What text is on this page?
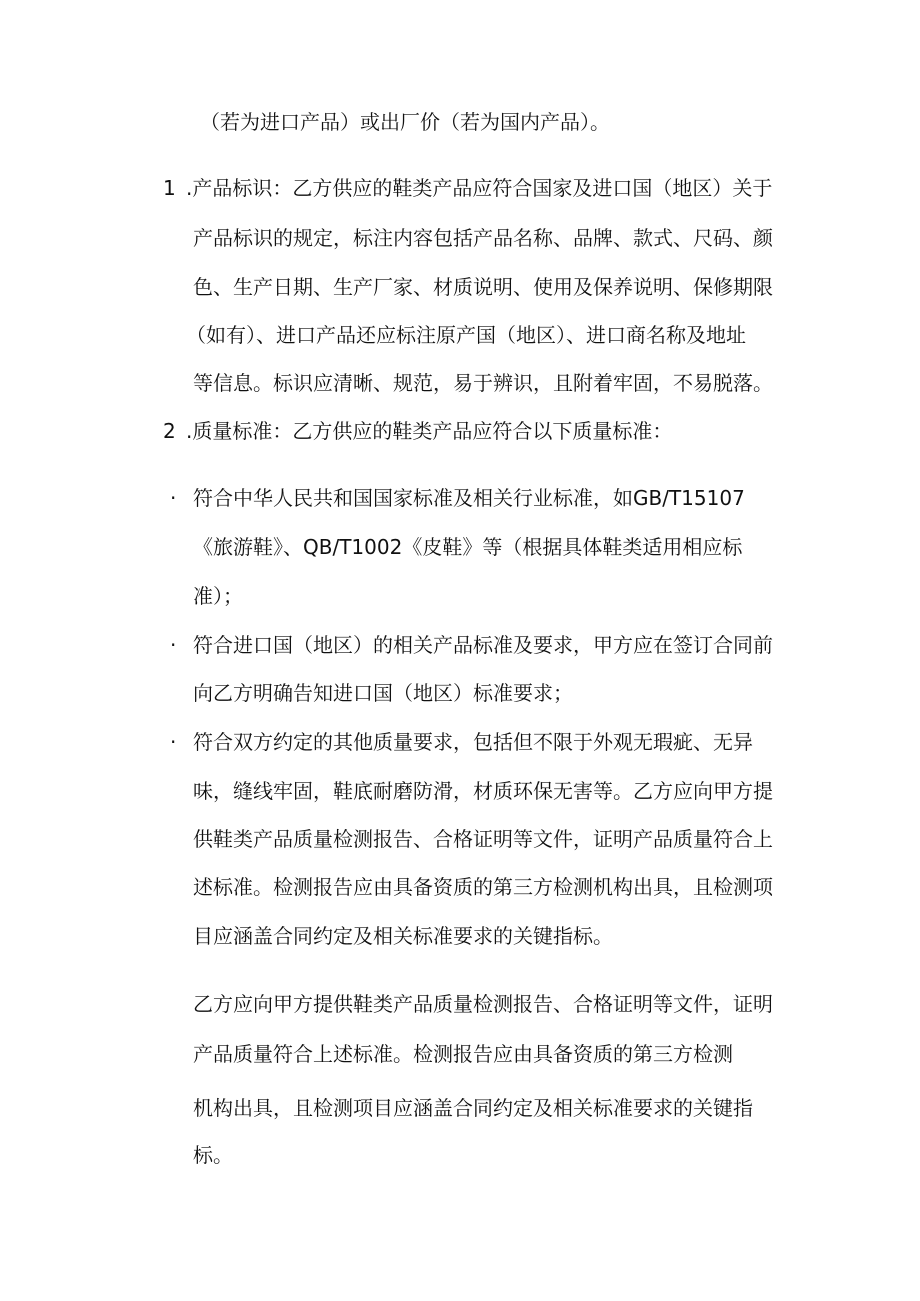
（若为进口产品）或出厂价（若为国内产品）。

1 .产品标识：乙方供应的鞋类产品应符合国家及进口国（地区）关于

产品标识的规定，标注内容包括产品名称、品牌、款式、尺码、颜

色、生产日期、生产厂家、材质说明、使用及保养说明、保修期限

（如有）、进口产品还应标注原产国（地区）、进口商名称及地址

等信息。标识应清晰、规范，易于辨识，且附着牢固，不易脱落。

2 .质量标准：乙方供应的鞋类产品应符合以下质量标准：

· 符合中华人民共和国国家标准及相关行业标准，如GB/T15107

《旅游鞋》、QB/T1002《皮鞋》等（根据具体鞋类适用相应标

准）；

· 符合进口国（地区）的相关产品标准及要求，甲方应在签订合同前

向乙方明确告知进口国（地区）标准要求；

· 符合双方约定的其他质量要求，包括但不限于外观无瑕疵、无异

味，缝线牢固，鞋底耐磨防滑，材质环保无害等。乙方应向甲方提

供鞋类产品质量检测报告、合格证明等文件，证明产品质量符合上

述标准。检测报告应由具备资质的第三方检测机构出具，且检测项

目应涵盖合同约定及相关标准要求的关键指标。

乙方应向甲方提供鞋类产品质量检测报告、合格证明等文件，证明

产品质量符合上述标准。检测报告应由具备资质的第三方检测

机构出具，且检测项目应涵盖合同约定及相关标准要求的关键指

标。
